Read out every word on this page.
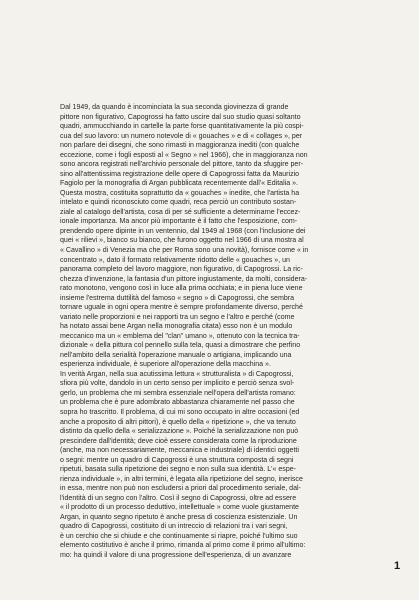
Dal 1949, da quando è incominciata la sua seconda giovinezza di grande
pittore non figurativo, Capogrossi ha fatto uscire dal suo studio quasi soltanto
quadri, ammucchiando in cartelle la parte forse quantitativamente la più cospi-
cua del suo lavoro: un numero notevole di « gouaches » e di « collages », per
non parlare dei disegni, che sono rimasti in maggioranza inediti (con qualche
eccezione, come i fogli esposti al « Segno » nel 1966), che in maggioranza non
sono ancora registrati nell'archivio personale del pittore, tanto da sfuggire per-
sino all'attentissima registrazione delle opere di Capogrossi fatta da Maurizio
Fagiolo per la monografia di Argan pubblicata recentemente dall'« Editalia ».
Questa mostra, costituita soprattutto da « gouaches » inedite, che l'artista ha
intelato e quindi riconosciuto come quadri, reca perciò un contributo sostan-
ziale al catalogo dell'artista, cosa di per sé sufficiente a determinarne l'eccez-
ionale importanza. Ma ancor più importante è il fatto che l'esposizione, com-
prendendo opere dipinte in un ventennio, dal 1949 al 1968 (con l'inclusione dei
quei « rilievi », bianco su bianco, che furono oggetto nel 1966 di una mostra al
« Cavallino » di Venezia ma che per Roma sono una novità), fornisce come « in
concentrato », dato il formato relativamente ridotto delle « gouaches », un
panorama completo del lavoro maggiore, non figurativo, di Capogrossi. La ric-
chezza d'invenzione, la fantasia d'un pittore ingiustamente, da molti, considera-
rato monotono, vengono così in luce alla prima occhiata; e in piena luce viene
insieme l'estrema duttilità del famoso « segno » di Capogrossi, che sembra
tornare uguale in ogni opera mentre è sempre profondamente diverso, perché
variato nelle proporzioni e nei rapporti tra un segno e l'altro e perché (come
ha notato assai bene Argan nella monografia citata) esso non è un modulo
meccanico ma un « emblema del "clan" umano », ottenuto con la tecnica tra-
dizionale « della pittura col pennello sulla tela, quasi a dimostrare che perfino
nell'ambito della serialità l'operazione manuale o artigiana, implicando una
esperienza individuale, è superiore all'operazione della macchina ».
In verità Argan, nella sua acutissima lettura « strutturalista » di Capogrossi,
sfiora più volte, dandolo in un certo senso per implicito e perciò senza svol-
gerlo, un problema che mi sembra essenziale nell'opera dell'artista romano:
un problema che è pure adombrato abbastanza chiaramente nel passo che
sopra ho trascritto. Il problema, di cui mi sono occupato in altre occasioni (ed
anche a proposito di altri pittori), è quello della « ripetizione », che va tenuto
distinto da quello della « serializzazione ». Poiché la serializzazione non può
prescindere dall'identità; deve cioè essere considerata come la riproduzione
(anche, ma non necessariamente, meccanica e industriale) di identici oggetti
o segni: mentre un quadro di Capogrossi è una struttura composta di segni
ripetuti, basata sulla ripetizione dei segno e non sulla sua identità. L'« espe-
rienza individuale », in altri termini, è legata alla ripetizione del segno, inerisce
in essa, mentre non può non escludersi a priori dal procedimento seriale, dal-
l'identità di un segno con l'altro. Così il segno di Capogrossi, oltre ad essere
« il prodotto di un processo deduttivo, intellettuale » come vuole giustamente
Argan, in quanto segno ripetuto è anche presa di coscienza esistenziale. Un
quadro di Capogrossi, costituito di un intreccio di relazioni tra i vari segni,
è un cerchio che si chiude e che continuamente si riapre, poiché l'ultimo suo
elemento costitutivo è anche il primo, rimanda al primo come il primo all'ultimo:
mo: ha quindi il valore di una progressione dell'esperienza, di un avanzare
1
